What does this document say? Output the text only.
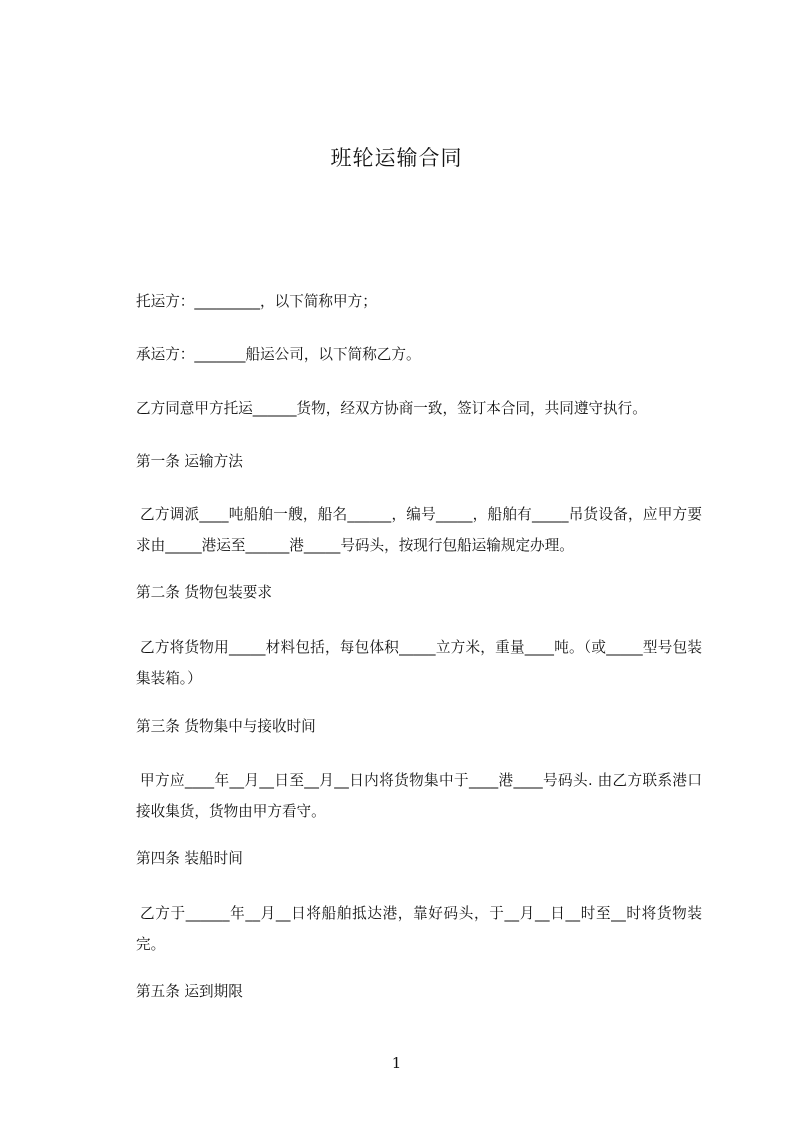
班轮运输合同
托运方：_________，以下简称甲方；
承运方：_______船运公司，以下简称乙方。
乙方同意甲方托运______货物，经双方协商一致，签订本合同，共同遵守执行。
第一条 运输方法
乙方调派____吨船舶一艘，船名______，编号_____，船舶有_____吊货设备，应甲方要求由_____港运至______港_____号码头，按现行包船运输规定办理。
第二条 货物包装要求
乙方将货物用_____材料包括，每包体积_____立方米，重量____吨。（或_____型号包装集装箱。）
第三条 货物集中与接收时间
甲方应____年__月__日至__月__日内将货物集中于____港____号码头. 由乙方联系港口接收集货，货物由甲方看守。
第四条 装船时间
乙方于______年__月__日将船舶抵达港，靠好码头，于__月__日__时至__时将货物装完。
第五条 运到期限
1
